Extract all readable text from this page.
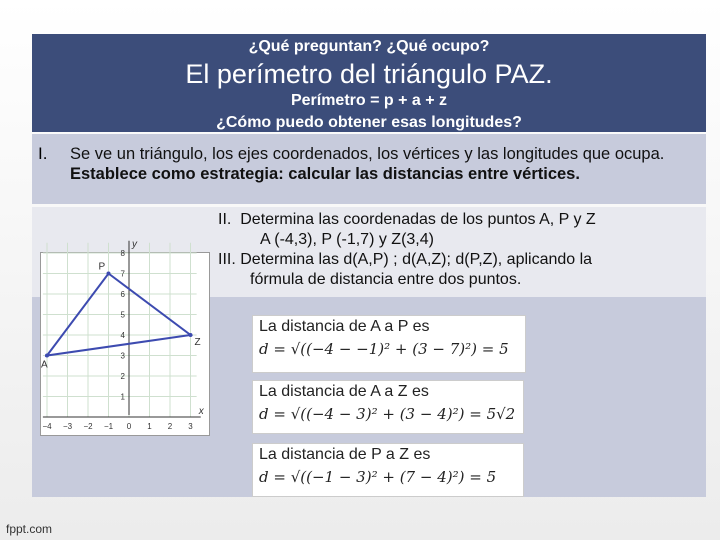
¿Qué preguntan? ¿Qué ocupo?
El perímetro del triángulo PAZ.
Perímetro = p + a + z
¿Cómo puedo obtener esas longitudes?
I. Se ve un triángulo, los ejes coordenados, los vértices y las longitudes que ocupa. Establece como estrategia: calcular las distancias entre vértices.
II. Determina las coordenadas de los puntos A, P y Z
A (-4,3), P (-1,7) y Z(3,4)
III. Determina las d(A,P) ; d(A,Z); d(P,Z), aplicando la
fórmula de distancia entre dos puntos.
−4 −3 −2 −1 0 1 2 3
1
2
3
4
5
6
7
8
x
y
A
P
Z
La distancia de A a P es
d = √((−4 − −1)² + (3 − 7)²) = 5
La distancia de A a Z es
d = √((−4 − 3)² + (3 − 4)²) = 5√2
La distancia de P a Z es
d = √((−1 − 3)² + (7 − 4)²) = 5
fppt.com
